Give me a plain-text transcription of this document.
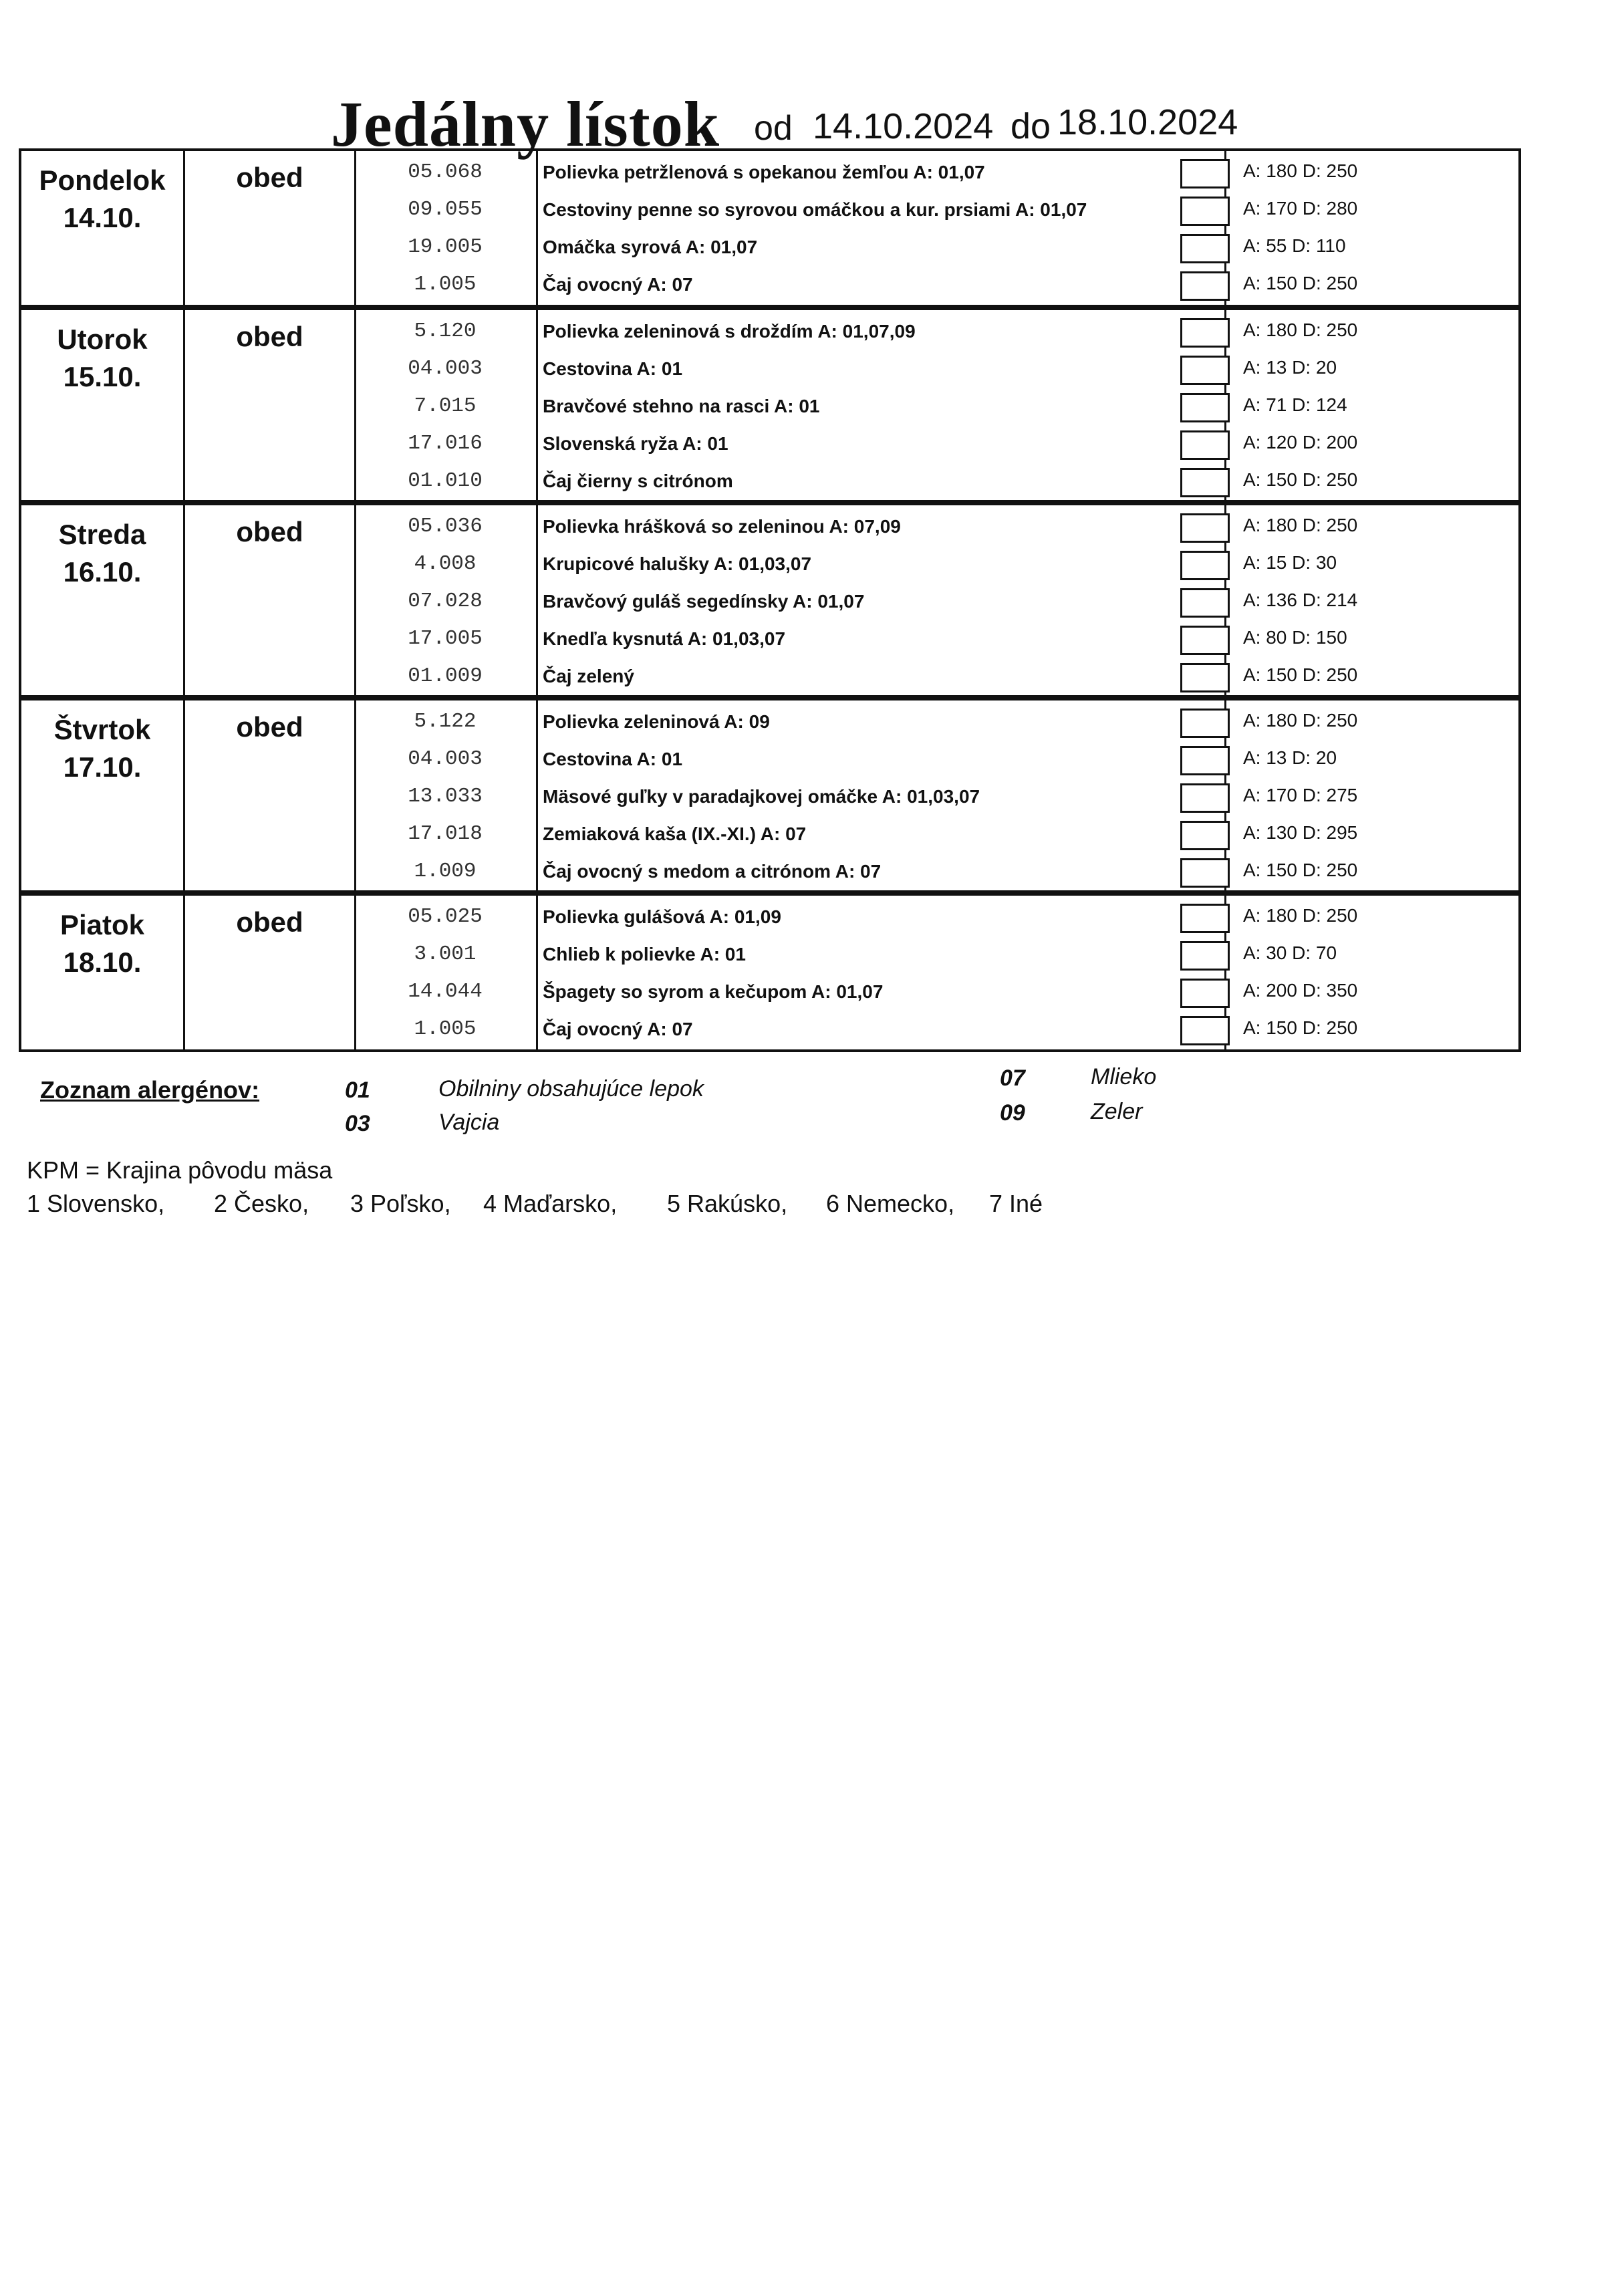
Jedálny lístok od 14.10.2024 do 18.10.2024
Pondelok
14.10.
obed	05.068	Polievka petržlenová s opekanou žemľou A: 01,07	A: 180 D: 250
09.055	Cestoviny penne so syrovou omáčkou a kur. prsiami A: 01,07	A: 170 D: 280
19.005	Omáčka syrová A: 01,07	A: 55 D: 110
1.005	Čaj ovocný A: 07	A: 150 D: 250
Utorok
15.10.
obed	5.120	Polievka zeleninová s droždím A: 01,07,09	A: 180 D: 250
04.003	Cestovina A: 01	A: 13 D: 20
7.015	Bravčové stehno na rasci A: 01	A: 71 D: 124
17.016	Slovenská ryža A: 01	A: 120 D: 200
01.010	Čaj čierny s citrónom	A: 150 D: 250
Streda
16.10.
obed	05.036	Polievka hrášková so zeleninou A: 07,09	A: 180 D: 250
4.008	Krupicové halušky A: 01,03,07	A: 15 D: 30
07.028	Bravčový guláš segedínsky A: 01,07	A: 136 D: 214
17.005	Knedľa kysnutá A: 01,03,07	A: 80 D: 150
01.009	Čaj zelený	A: 150 D: 250
Štvrtok
17.10.
obed	5.122	Polievka zeleninová A: 09	A: 180 D: 250
04.003	Cestovina A: 01	A: 13 D: 20
13.033	Mäsové guľky v paradajkovej omáčke A: 01,03,07	A: 170 D: 275
17.018	Zemiaková kaša (IX.-XI.) A: 07	A: 130 D: 295
1.009	Čaj ovocný s medom a citrónom A: 07	A: 150 D: 250
Piatok
18.10.
obed	05.025	Polievka gulášová A: 01,09	A: 180 D: 250
3.001	Chlieb k polievke A: 01	A: 30 D: 70
14.044	Špagety so syrom a kečupom A: 01,07	A: 200 D: 350
1.005	Čaj ovocný A: 07	A: 150 D: 250
Zoznam alergénov:	01	Obilniny obsahujúce lepok
03	Vajcia
07	Mlieko
09	Zeler
KPM = Krajina pôvodu mäsa
1 Slovensko, 2 Česko, 3 Poľsko, 4 Maďarsko, 5 Rakúsko, 6 Nemecko, 7 Iné
